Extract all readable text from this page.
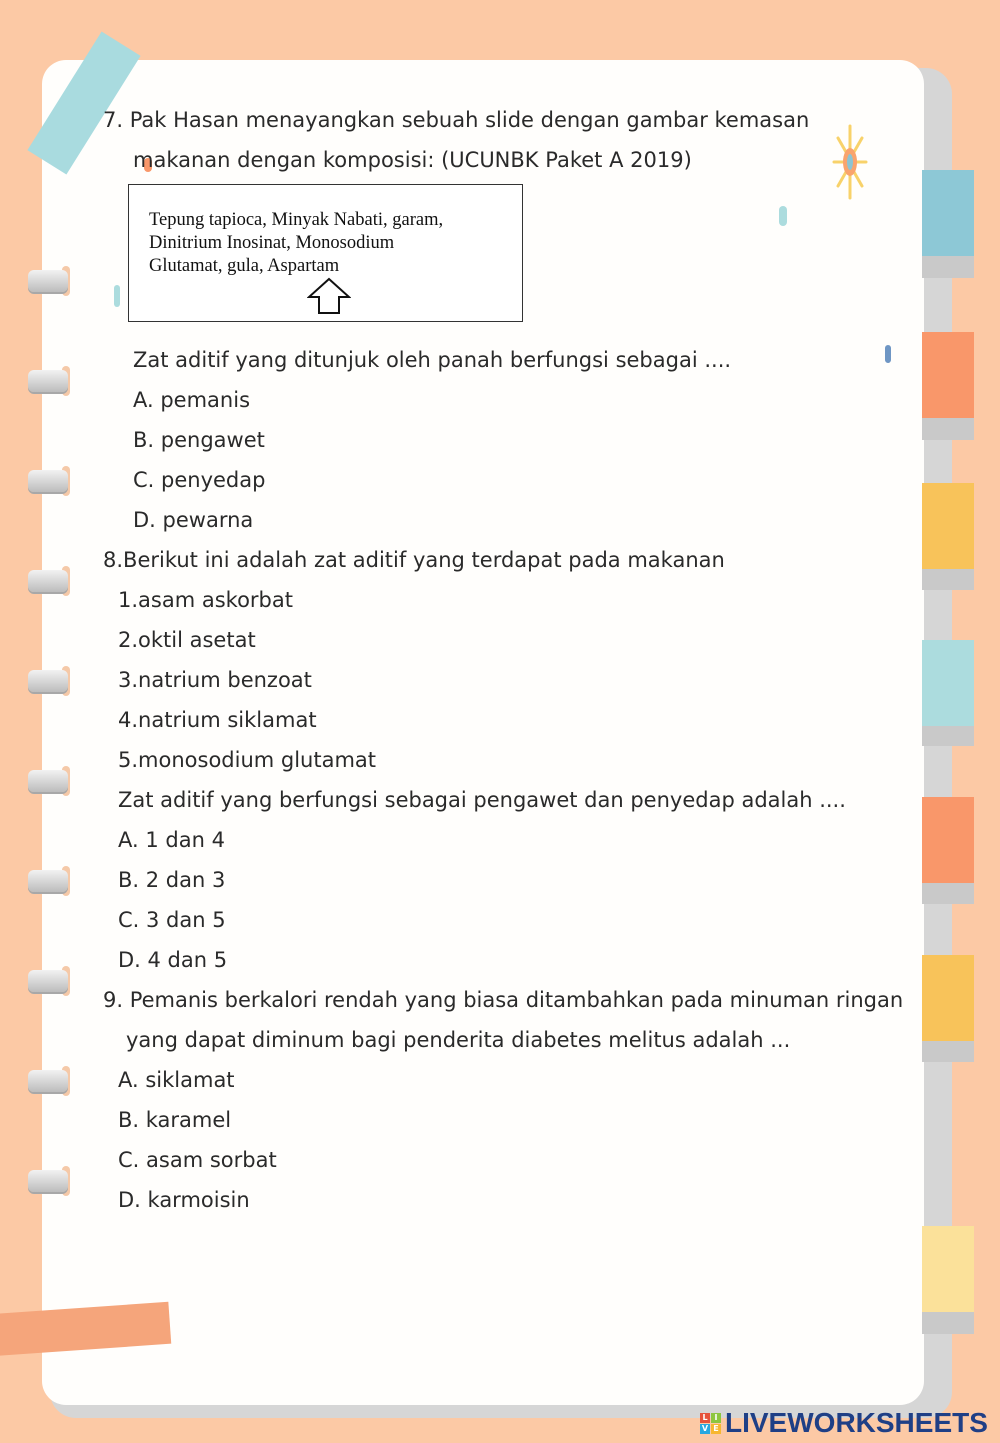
7. Pak Hasan menayangkan sebuah slide dengan gambar kemasan
makanan dengan komposisi: (UCUNBK Paket A 2019)
Tepung tapioca, Minyak Nabati, garam,
Dinitrium Inosinat, Monosodium
Glutamat, gula, Aspartam
Zat aditif yang ditunjuk oleh panah berfungsi sebagai ....
A. pemanis
B. pengawet
C. penyedap
D. pewarna
8.Berikut ini adalah zat aditif yang terdapat pada makanan
1.asam askorbat
2.oktil asetat
3.natrium benzoat
4.natrium siklamat
5.monosodium glutamat
Zat aditif yang berfungsi sebagai pengawet dan penyedap adalah ....
A. 1 dan 4
B. 2 dan 3
C. 3 dan 5
D. 4 dan 5
9. Pemanis berkalori rendah yang biasa ditambahkan pada minuman ringan
yang dapat diminum bagi penderita diabetes melitus adalah ...
A. siklamat
B. karamel
C. asam sorbat
D. karmoisin
L I
V E LIVEWORKSHEETS
